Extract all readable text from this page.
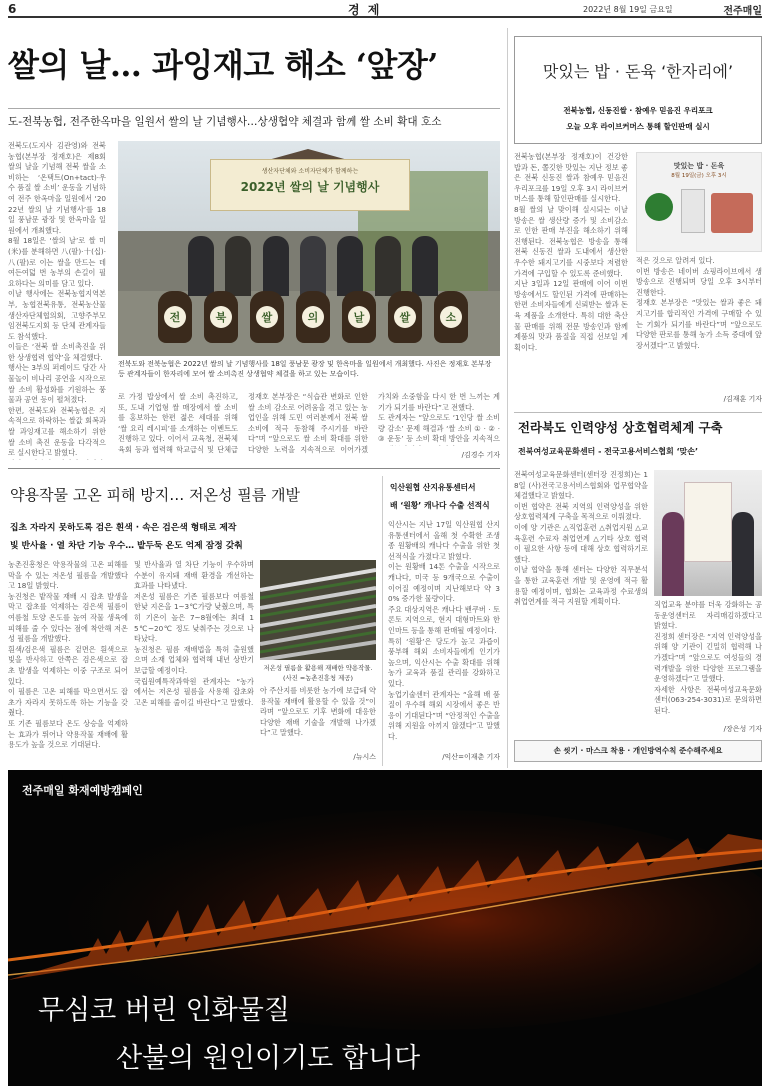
6	경 제	2022년 8월 19일 금요일	전주매일
쌀의 날… 과잉재고 해소 ‘앞장’
도-전북농협, 전주한옥마을 일원서 쌀의 날 기념행사…상생협약 체결과 함께 쌀 소비 확대 호소
전북도(도지사 김관영)와 전북농협(본부장 정재호)은 제8회 쌀의 날을 기념해 전북 쌀을 소비하는 ‘온택트(On+tact)·우수 품질 쌀 소비’ 운동을 기념하여 전주 한옥마을 일원에서 ‘2022년 쌀의 날 기념행사’를 18일 풍남문 광장 및 한옥마을 일원에서 개최했다.
8월 18일은 ‘쌀의 날’로 쌀 미(米)를 분해하면 八(팔)·十(십)·八(팔)로 이는 쌀을 만드는 데 여든여덟 번 농부의 손길이 필요하다는 의미를 담고 있다.
이날 행사에는 전북농협지역본부, 농협전북유통, 전북농산물생산자단체협의회, 고향주부모임전북도지회 등 단체 관계자들도 참석했다.
이들은 ‘전북 쌀 소비촉진을 위한 상생협력 협약’을 체결했다.
행사는 3부의 퍼레이드 당간 사물놀이 비나리 공연을 시작으로 쌀 소비 활성화를 기원하는 풍물과 공연 등이 펼쳐졌다.
한편, 전북도와 전북농협은 지속적으로 하락하는 쌀값 회복과 쌀 과잉재고를 해소하기 위한 쌀 소비 촉진 운동을 다각적으로 실시한다고 밝혔다.

생산자단체와 소비자단체가 함께하는
2022년 쌀의 날 기념행사
전	북	쌀	의	날	쌀	소
전북도와 전북농협은 2022년 쌀의 날 기념행사를 18일 풍남문 광장 및 한옥마을 일원에서 개최했다. 사진은 정재호 본부장 등 관계자들이 한자리에 모여 쌀 소비촉진 상생협약 체결을 하고 있는 모습이다.
로 가정 밥상에서 쌀 소비 촉진하고, 또, 도내 기업형 쌀 매장에서 쌀 소비를 홍보하는 한편 젊은 세대를 위해 ‘쌀 요리 레시피’를 소개하는 이벤트도 진행하고 있다. 이어서 교육청, 전북체육회 등과 협력해 학교급식 및 단체급
정재호 본부장은 “식습관 변화로 인한 쌀 소비 감소로 어려움을 겪고 있는 농업인을 위해 도민 여러분께서 전북 쌀 소비에 적극 동참해 주시기를 바란다”며 “앞으로도 쌀 소비 확대를 위한 다양한 노력을 지속적으로 이어가겠
가치와 소중함을 다시 한 번 느끼는 계기가 되기를 바란다”고 전했다.
도 관계자는 “앞으로도 ‘1인당 쌀 소비량 감소’ 문제 해결과 ‘쌀 소비 ① · ② · ③ 운동’ 등 소비 확대 방안을 지속적으
/김경수 기자
맛있는 밥 · 돈육 ‘한자리에’
전북농협, 신동진쌀 · 참예우 믿음진 우리포크
오늘 오후 라이브커머스 통해 할인판매 실시
전북농협(본부장 정재호)이 건강한 밥과 돈, 쫄깃한 맛있는 지난 정보 좋은 전북 신동진 쌀과 참예우 믿음진 우리포크를 19일 오후 3시 라이브커머스를 통해 할인판매를 실시한다.
8월 쌀의 날 맞이해 실시되는 이날 방송은 쌀 생산량 증가 및 소비감소로 인한 판매 부진을 해소하기 위해 진행된다. 전북농협은 방송을 통해 전북 신동진 쌀과 도내에서 생산한 우수한 돼지고기를 시중보다 저렴한 가격에 구입할 수 있도록 준비했다.
지난 3일과 12일 판매에 이어 이번 방송에서도 할인된 가격에 판매하는 한편 소비자들에게 신뢰받는 쌀과 돈육 제품을 소개한다. 특히 대한 축산물 판매를 위해 전문 방송인과 함께 제품의 맛과 품질을 직접 선보일 계획이다.
맛있는 밥 · 돈육
8월 19일(금) 오후 3시
적은 것으로 알려져 있다.
이번 방송은 네이버 쇼핑라이브에서 생방송으로 진행되며 당일 오후 3시부터 진행한다.
정재호 본부장은 “맛있는 쌀과 좋은 돼지고기를 합리적인 가격에 구매할 수 있는 기회가 되기를 바란다”며 “앞으로도 다양한 판로를 통해 농가 소득 증대에 앞장서겠다”고 밝혔다.
/김재훈 기자
전라북도 인력양성 상호협력체계 구축
전북여성교육문화센터 - 전국고용서비스협회 ‘맞손’
전북여성교육문화센터(센터장 진정희)는 18일 (사)전국고용서비스협회와 업무협약을 체결했다고 밝혔다.
이번 협약은 전북 지역의 인력양성을 위한 상호협력체계 구축을 목적으로 이뤄졌다.
이에 양 기관은 △직업훈련 △취업지원 △교육훈련 수료자 취업연계 △기타 상호 협력이 필요한 사항 등에 대해 상호 협력하기로 했다.
이날 협약을 통해 센터는 다양한 직무분석을 통한 교육훈련 개발 및 운영에 적극 활용할 예정이며, 협회는 교육과정 수료생의 취업연계를 적극 지원할 계획이다.	직업교육 분야를 더욱 강화하는 공동운영센터로 자리매김하겠다고 밝혔다.
진정희 센터장은 “지역 인력양성을 위해 양 기관이 긴밀히 협력해 나가겠다”며 “앞으로도 여성들의 경력개발을 위한 다양한 프로그램을 운영하겠다”고 말했다.
자세한 사항은 전북여성교육문화센터(063-254-3031)로 문의하면 된다.
/장은성 기자
손 씻기 · 마스크 착용 · 개인방역수칙 준수해주세요
약용작물 고온 피해 방지… 저온성 필름 개발
집초 자라지 못하도록 검은 흰색 · 속은 검은색 형태로 제작
빛 반사율 · 열 차단 기능 우수… 밭두둑 온도 억제 잠정 갖춰
농촌진흥청은 약용작물의 고온 피해를 막을 수 있는 저온성 필름을 개발했다고 18일 밝혔다.
농진청은 밭작물 재배 시 잡초 발생을 막고 잡초를 억제하는 검은색 필름이 여름철 토양 온도를 높여 작물 생육에 피해를 줄 수 있다는 점에 착안해 저온성 필름을 개발했다.
흰색/검은색 필름은 겉면은 흰색으로 빛을 반사하고 안쪽은 검은색으로 잡초 발생을 억제하는 이중 구조로 되어 있다.
이 필름은 고온 피해를 막으면서도 잡초가 자라지 못하도록 하는 기능을 갖췄다.
또 기존 필름보다 온도 상승을 억제하는 효과가 뛰어나 약용작물 재배에 활용도가 높을 것으로 기대된다.
및 반사율과 열 차단 기능이 우수하며 수분이 유지돼 재배 환경을 개선하는 효과를 나타냈다.
저온성 필름은 기존 필름보다 여름철 한낮 지온을 1~3℃가량 낮췄으며, 특히 기온이 높은 7~8월에는 최대 15℃~20℃ 정도 낮춰주는 것으로 나타났다.
농진청은 필름 재배법을 특허 출원했으며 소재 업체와 협력해 내년 상반기 보급할 예정이다.
국립원예특작과학원 관계자는 “농가 에서는 저온성 필름을 사용해 잡초와 고온 피해를 줄이길 바란다”고 말했다.
저온성 필름을 활용해 재배한 약용작물.
(사진 =농촌진흥청 제공)
아 주산지를 비롯한 농가에 보급돼 약용작물 재배에 활용할 수 있을 것”이라며 “앞으로도 기후 변화에 대응한 다양한 재배 기술을 개발해 나가겠다”고 말했다.
/뉴시스
익산원협 산지유통센터서
배 ‘원황’ 캐나다 수출 선적식
익산시는 지난 17일 익산원협 산지유통센터에서 올해 첫 수확한 조생종 원황배의 캐나다 수출을 위한 첫 선적식을 가졌다고 밝혔다.
이는 원황배 14톤 수출을 시작으로 캐나다, 미국 등 9개국으로 수출이 이어질 예정이며 지난해보다 약 30% 증가한 물량이다.
주요 대상지역은 캐나다 밴쿠버 · 토론토 지역으로, 현지 대형마트와 한인마트 등을 통해 판매될 예정이다.
특히 ‘원황’은 당도가 높고 과즙이 풍부해 해외 소비자들에게 인기가 높으며, 익산시는 수출 확대를 위해 농가 교육과 품질 관리를 강화하고 있다.
농업기술센터 관계자는 “올해 배 품질이 우수해 해외 시장에서 좋은 반응이 기대된다”며 “안정적인 수출을 위해 지원을 아끼지 않겠다”고 말했다.
/익산=이재춘 기자
전주매일 화재예방캠페인
무심코 버린 인화물질
산불의 원인이기도 합니다
